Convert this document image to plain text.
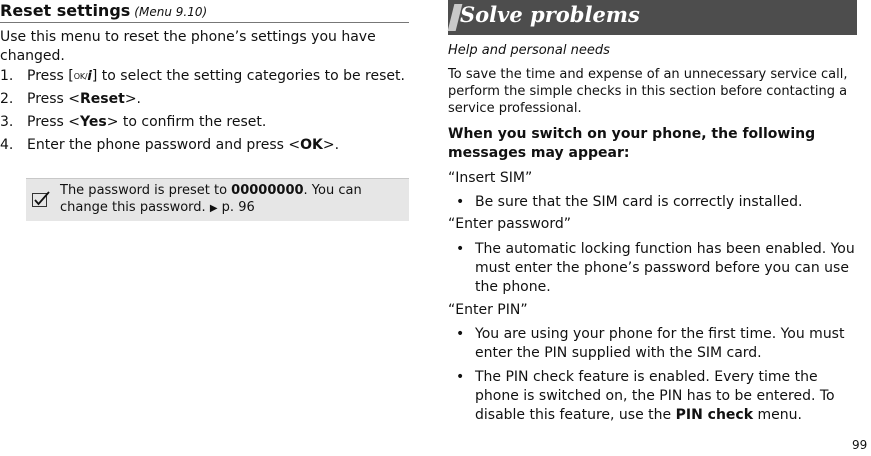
Reset settings (Menu 9.10)
Use this menu to reset the phone’s settings you have changed.
1. Press [OK/i] to select the setting categories to be reset.
2. Press <Reset>.
3. Press <Yes> to confirm the reset.
4. Enter the phone password and press <OK>.
The password is preset to 00000000. You can change this password. ▶ p. 96
Solve problems
Help and personal needs
To save the time and expense of an unnecessary service call, perform the simple checks in this section before contacting a service professional.
When you switch on your phone, the following messages may appear:
“Insert SIM”
• Be sure that the SIM card is correctly installed.
“Enter password”
• The automatic locking function has been enabled. You must enter the phone’s password before you can use the phone.
“Enter PIN”
• You are using your phone for the first time. You must enter the PIN supplied with the SIM card.
• The PIN check feature is enabled. Every time the phone is switched on, the PIN has to be entered. To disable this feature, use the PIN check menu.
99
